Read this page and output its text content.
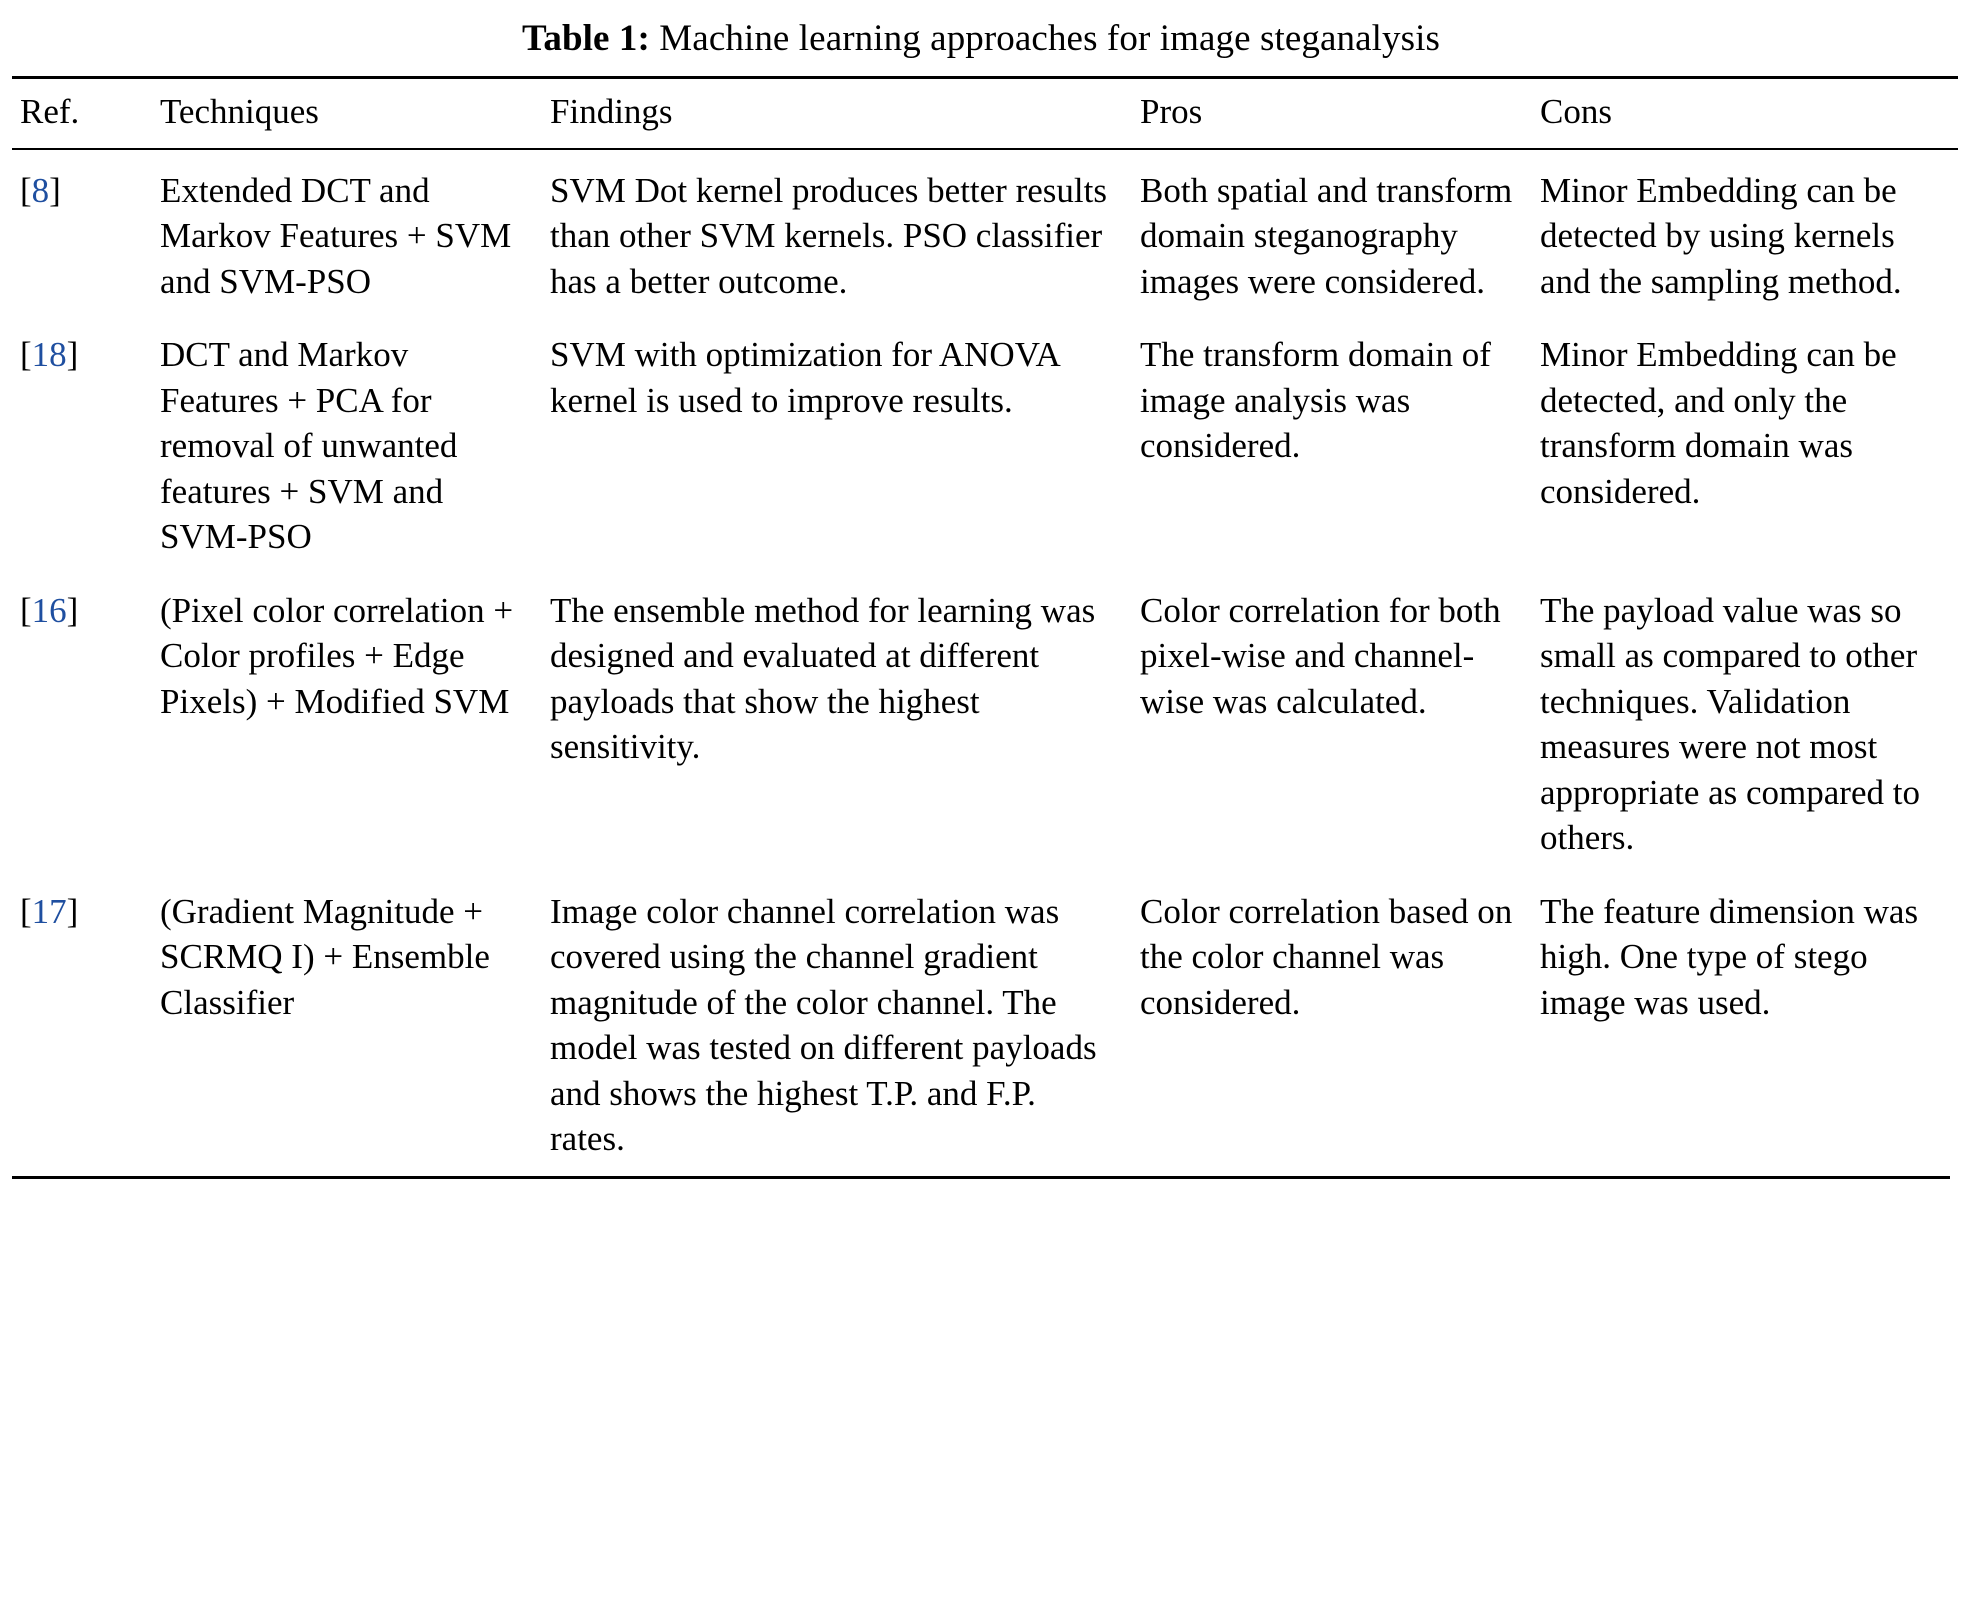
Table 1: Machine learning approaches for image steganalysis
Ref.	Techniques	Findings	Pros	Cons
[8]	Extended DCT and Markov Features + SVM and SVM-PSO	SVM Dot kernel produces better results than other SVM kernels. PSO classifier has a better outcome.	Both spatial and transform domain steganography images were considered.	Minor Embedding can be detected by using kernels and the sampling method.
[18]	DCT and Markov Features + PCA for removal of unwanted features + SVM and SVM-PSO	SVM with optimization for ANOVA kernel is used to improve results.	The transform domain of image analysis was considered.	Minor Embedding can be detected, and only the transform domain was considered.
[16]	(Pixel color correlation + Color profiles + Edge Pixels) + Modified SVM	The ensemble method for learning was designed and evaluated at different payloads that show the highest sensitivity.	Color correlation for both pixel-wise and channel-wise was calculated.	The payload value was so small as compared to other techniques. Validation measures were not most appropriate as compared to others.
[17]	(Gradient Magnitude + SCRMQ I) + Ensemble Classifier	Image color channel correlation was covered using the channel gradient magnitude of the color channel. The model was tested on different payloads and shows the highest T.P. and F.P. rates.	Color correlation based on the color channel was considered.	The feature dimension was high. One type of stego image was used.
